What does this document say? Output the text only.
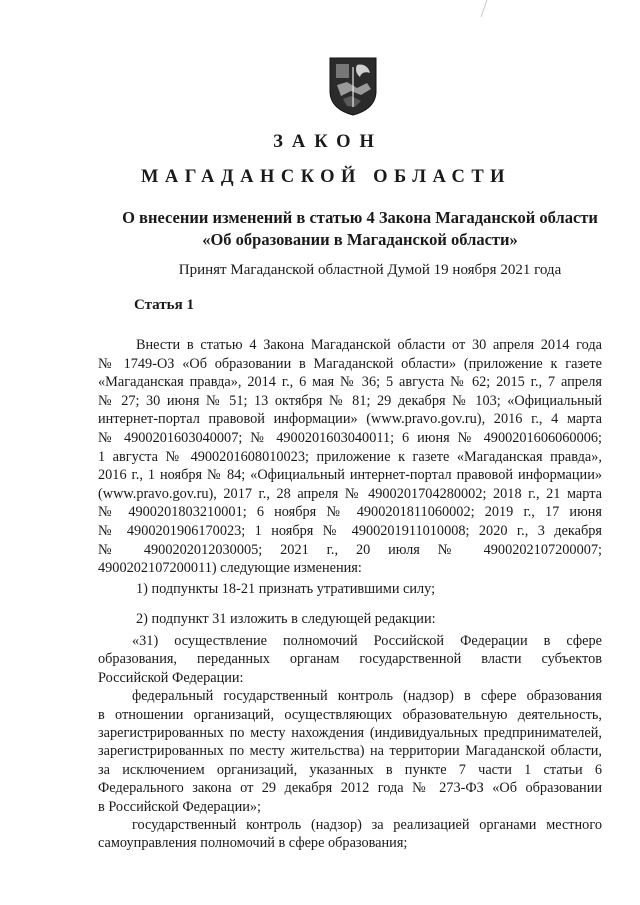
ЗАКОН
МАГАДАНСКОЙ ОБЛАСТИ
О внесении изменений в статью 4 Закона Магаданской области
«Об образовании в Магаданской области»
Принят Магаданской областной Думой 19 ноября 2021 года
Статья 1

Внести в статью 4 Закона Магаданской области от 30 апреля 2014 года

№ 1749-ОЗ «Об образовании в Магаданской области» (приложение к газете

«Магаданская правда», 2014 г., 6 мая № 36; 5 августа № 62; 2015 г., 7 апреля

№ 27; 30 июня № 51; 13 октября № 81; 29 декабря № 103; «Официальный

интернет-портал правовой информации» (www.pravo.gov.ru), 2016 г., 4 марта

№ 4900201603040007; № 4900201603040011; 6 июня № 4900201606060006;

1 августа № 4900201608010023; приложение к газете «Магаданская правда»,

2016 г., 1 ноября № 84; «Официальный интернет-портал правовой информации»

(www.pravo.gov.ru), 2017 г., 28 апреля № 4900201704280002; 2018 г., 21 марта

№ 4900201803210001; 6 ноября № 4900201811060002; 2019 г., 17 июня

№ 4900201906170023; 1 ноября № 4900201911010008; 2020 г., 3 декабря

№ 4900202012030005; 2021 г., 20 июля № 4900202107200007;

4900202107200011) следующие изменения:

1) подпункты 18-21 признать утратившими силу;
2) подпункт 31 изложить в следующей редакции:

«31) осуществление полномочий Российской Федерации в сфере

образования, переданных органам государственной власти субъектов

Российской Федерации:

федеральный государственный контроль (надзор) в сфере образования

в отношении организаций, осуществляющих образовательную деятельность,

зарегистрированных по месту нахождения (индивидуальных предпринимателей,

зарегистрированных по месту жительства) на территории Магаданской области,

за исключением организаций, указанных в пункте 7 части 1 статьи 6

Федерального закона от 29 декабря 2012 года № 273-ФЗ «Об образовании

в Российской Федерации»;

государственный контроль (надзор) за реализацией органами местного

самоуправления полномочий в сфере образования;
